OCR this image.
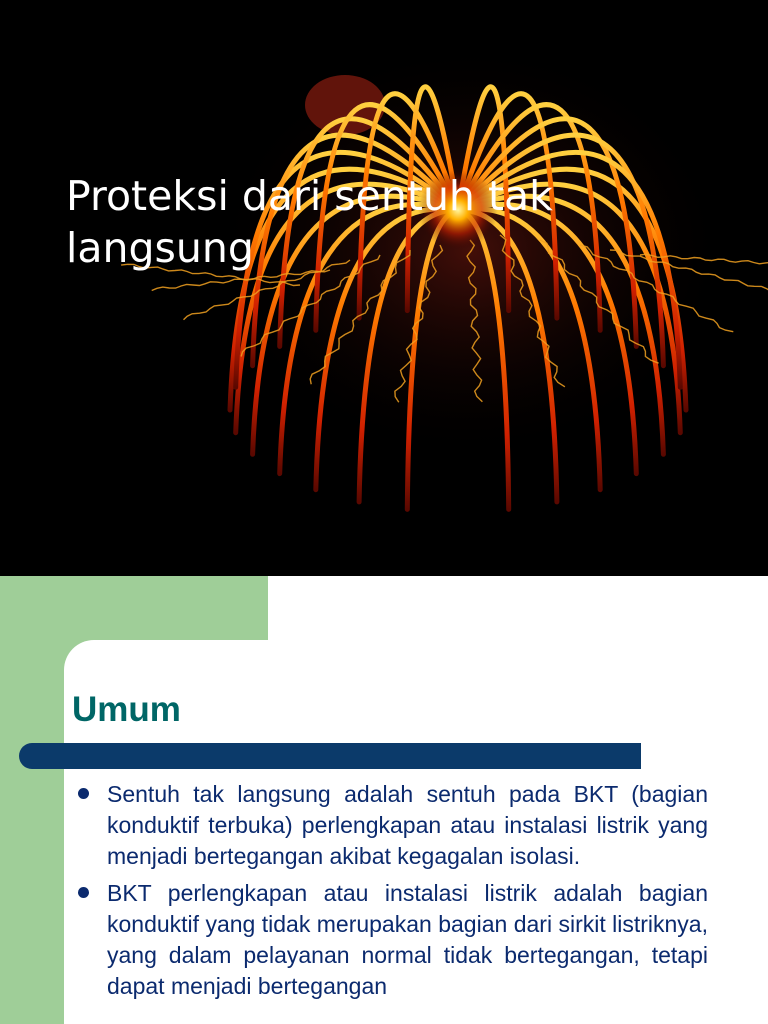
Proteksi dari sentuh tak langsung
Umum
Sentuh tak langsung adalah sentuh pada BKT (bagian konduktif terbuka) perlengkapan atau instalasi listrik yang menjadi bertegangan akibat kegagalan isolasi.
BKT perlengkapan atau instalasi listrik adalah bagian konduktif yang tidak merupakan bagian dari sirkit listriknya, yang dalam pelayanan normal tidak bertegangan, tetapi dapat menjadi bertegangan
